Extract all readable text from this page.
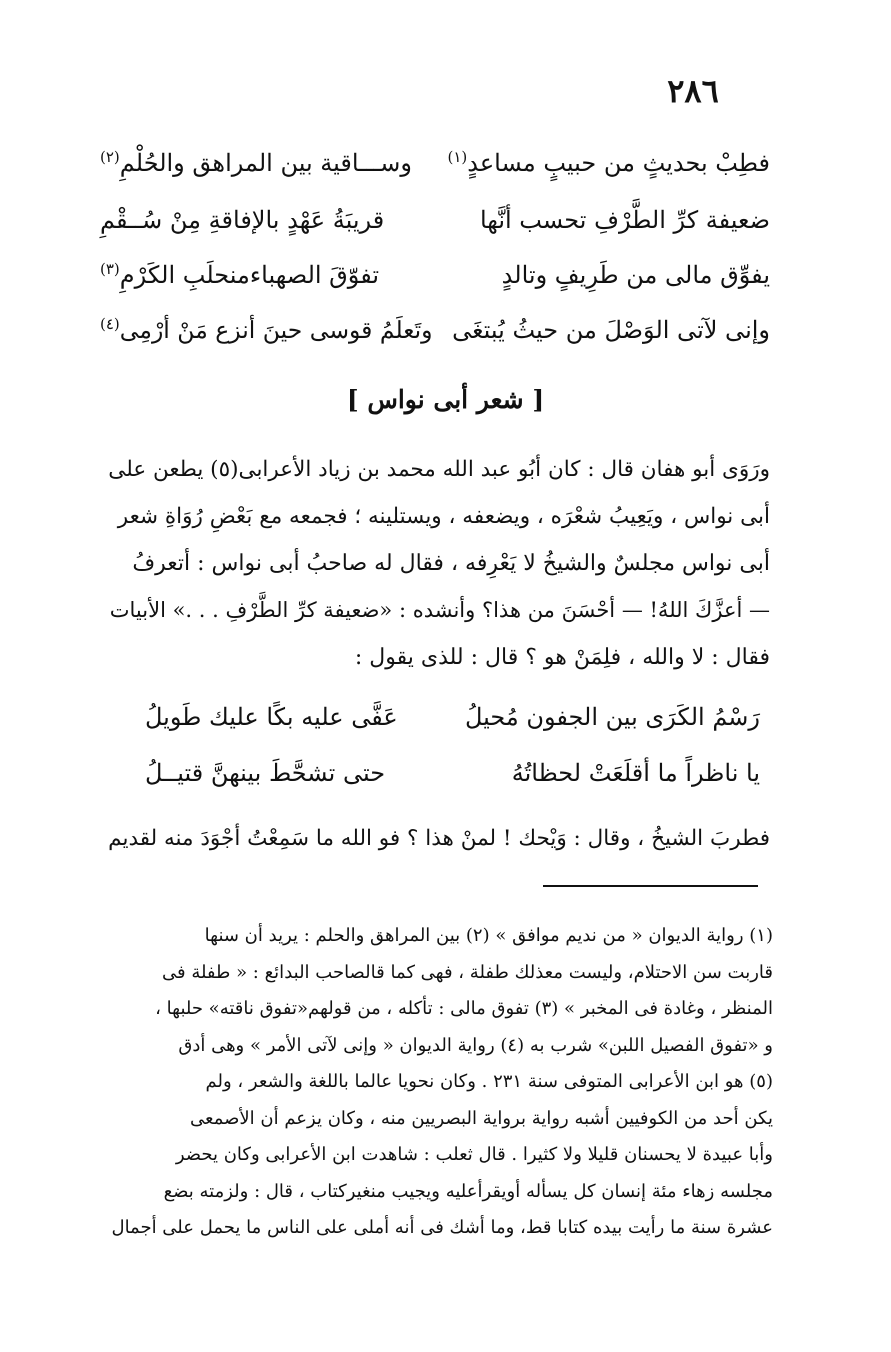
٢٨٦
فطِبْ بحديثٍ من حبيبٍ مساعدٍ$^{(١)}$
وســـاقية بين المراهق والحُلْمِ$^{(٢)}$
ضعيفة كرِّ الطَّرْفِ تحسب أنَّها
قريبَةُ عَهْدٍ بالإفاقةِ مِنْ سُــقْمِ
يفوِّق مالى من طَرِيفٍ وتالدٍ
تفوّقَ الصهباءمنحلَبِ الكَرْمِ$^{(٣)}$
وإنى لآتى الوَصْلَ من حيثُ يُبتغَى
وتَعلَمُ قوسى حينَ أنزع مَنْ أرْمِى$^{(٤)}$
[ شعر أبى نواس ]
ورَوَى أبو هفان قال : كان أبُو عبد الله محمد بن زياد الأعرابى(٥) يطعن على
أبى نواس ، ويَعِيبُ شعْرَه ، ويضعفه ، ويستلينه ؛ فجمعه مع بَعْضِ رُوَاةِ شعر
أبى نواس مجلسٌ والشيخُ لا يَعْرِفه ، فقال له صاحبُ أبى نواس : أتعرفُ
— أعزَّكَ اللهُ! — أحْسَنَ من هذا؟ وأنشده : «ضعيفة كرِّ الطَّرْفِ . . .» الأبيات
فقال : لا والله ، فلِمَنْ هو ؟ قال : للذى يقول :
رَسْمُ الكَرَى بين الجفون مُحيلُ
عَفَّى عليه بكًا عليك طَويلُ
يا ناظراً ما أقلَعَتْ لحظاتُهُ
حتى تشحَّطَ بينهنَّ قتيــلُ
فطربَ الشيخُ ، وقال : وَيْحك ! لمنْ هذا ؟ فو الله ما سَمِعْتُ أجْوَدَ منه لقديم
(١) رواية الديوان « من نديم موافق » (٢) بين المراهق والحلم : يريد أن سنها
قاربت سن الاحتلام، وليست معذلك طفلة ، فهى كما قالصاحب البدائع : « طفلة فى
المنظر ، وغادة فى المخبر » (٣) تفوق مالى : تأكله ، من قولهم«تفوق ناقته» حلبها ،
و «تفوق الفصيل اللبن» شرب به (٤) رواية الديوان « وإنى لآتى الأمر » وهى أدق
(٥) هو ابن الأعرابى المتوفى سنة ٢٣١ . وكان نحويا عالما باللغة والشعر ، ولم
يكن أحد من الكوفيين أشبه رواية برواية البصريين منه ، وكان يزعم أن الأصمعى
وأبا عبيدة لا يحسنان قليلا ولا كثيرا . قال ثعلب : شاهدت ابن الأعرابى وكان يحضر
مجلسه زهاء مئة إنسان كل يسأله أويقرأعليه ويجيب منغيركتاب ، قال : ولزمته بضع
عشرة سنة ما رأيت بيده كتابا قط، وما أشك فى أنه أملى على الناس ما يحمل على أجمال
